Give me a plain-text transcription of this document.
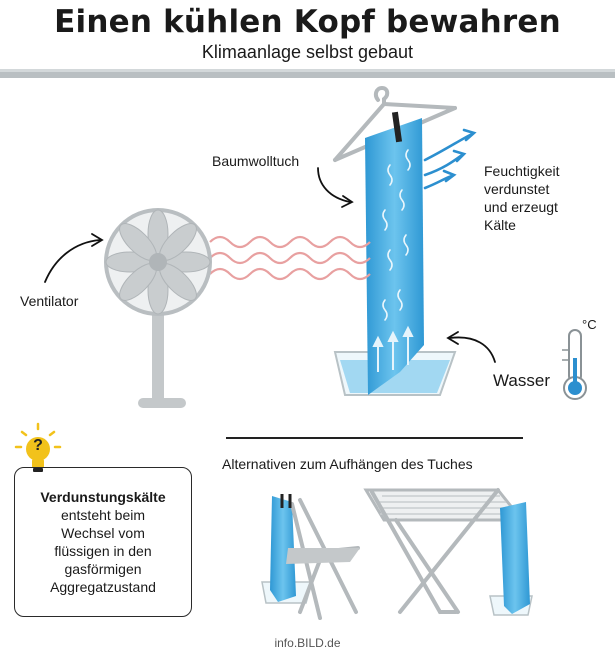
Einen kühlen Kopf bewahren
Klimaanlage selbst gebaut
Baumwolltuch
Ventilator
Wasser
°C
Feuchtigkeit
verdunstet
und erzeugt
Kälte
Verdunstungskälte
entsteht beim
Wechsel vom
flüssigen in den
gasförmigen
Aggregatzustand
?
Alternativen zum Aufhängen des Tuches
info.BILD.de
